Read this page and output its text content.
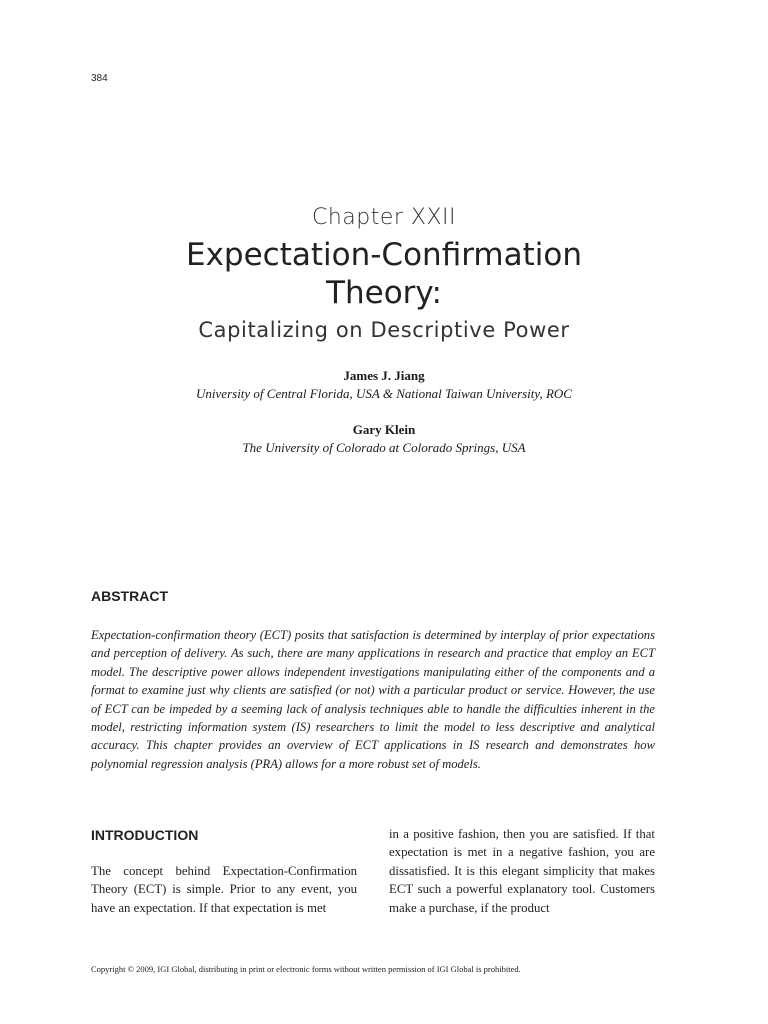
384

Chapter XXII

Expectation-Confirmation Theory:

Capitalizing on Descriptive Power

James J. Jiang

University of Central Florida, USA & National Taiwan University, ROC

Gary Klein

The University of Colorado at Colorado Springs, USA

ABSTRACT

Expectation-confirmation theory (ECT) posits that satisfaction is determined by interplay of prior expectations and perception of delivery. As such, there are many applications in research and practice that employ an ECT model. The descriptive power allows independent investigations manipulating either of the components and a format to examine just why clients are satisfied (or not) with a particular product or service. However, the use of ECT can be impeded by a seeming lack of analysis techniques able to handle the difficulties inherent in the model, restricting information system (IS) researchers to limit the model to less descriptive and analytical accuracy. This chapter provides an overview of ECT applications in IS research and demonstrates how polynomial regression analysis (PRA) allows for a more robust set of models.

INTRODUCTION

The concept behind Expectation-Confirmation Theory (ECT) is simple. Prior to any event, you have an expectation. If that expectation is met

in a positive fashion, then you are satisfied. If that expectation is met in a negative fashion, you are dissatisfied. It is this elegant simplicity that makes ECT such a powerful explanatory tool. Customers make a purchase, if the product

Copyright © 2009, IGI Global, distributing in print or electronic forms without written permission of IGI Global is prohibited.
